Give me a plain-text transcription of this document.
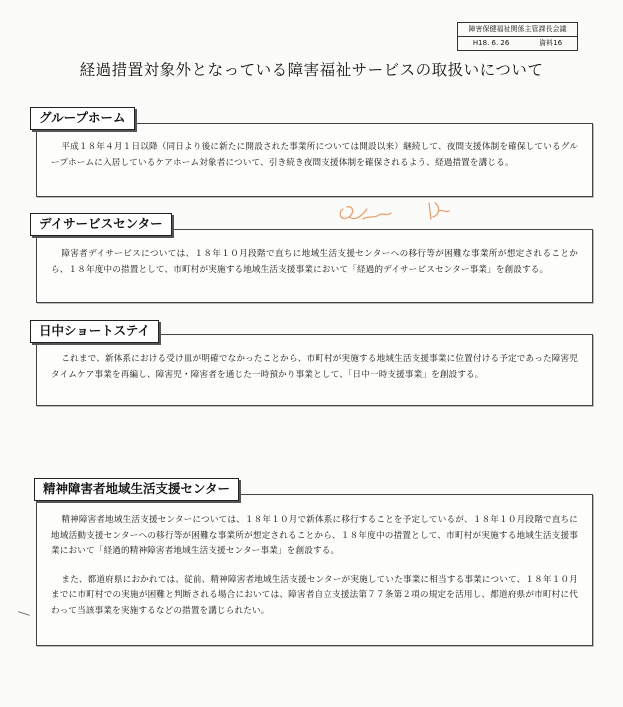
障害保健福祉関係主管課長会議
H18. 6. 26	資料16
経過措置対象外となっている障害福祉サービスの取扱いについて

平成１８年４月１日以降（同日より後に新たに開設された事業所については開設以来）継続して、夜間支援体制を確保しているグループホームに入居しているケアホーム対象者について、引き続き夜間支援体制を確保されるよう、経過措置を講じる。

グループホーム

障害者デイサービスについては、１８年１０月段階で直ちに地域生活支援センターへの移行等が困難な事業所が想定されることから、１８年度中の措置として、市町村が実施する地域生活支援事業において「経過的デイサービスセンター事業」を創設する。

デイサービスセンター

これまで、新体系における受け皿が明確でなかったことから、市町村が実施する地域生活支援事業に位置付ける予定であった障害児タイムケア事業を再編し、障害児・障害者を通じた一時預かり事業として、「日中一時支援事業」を創設する。

日中ショートステイ

精神障害者地域生活支援センターについては、１８年１０月で新体系に移行することを予定しているが、１８年１０月段階で直ちに地域活動支援センターへの移行等が困難な事業所が想定されることから、１８年度中の措置として、市町村が実施する地域生活支援事業において「経過的精神障害者地域生活支援センター事業」を創設する。

また、都道府県におかれては、従前、精神障害者地域生活支援センターが実施していた事業に相当する事業について、１８年１０月までに市町村での実施が困難と判断される場合においては、障害者自立支援法第７７条第２項の規定を活用し、都道府県が市町村に代わって当該事業を実施するなどの措置を講じられたい。

精神障害者地域生活支援センター
